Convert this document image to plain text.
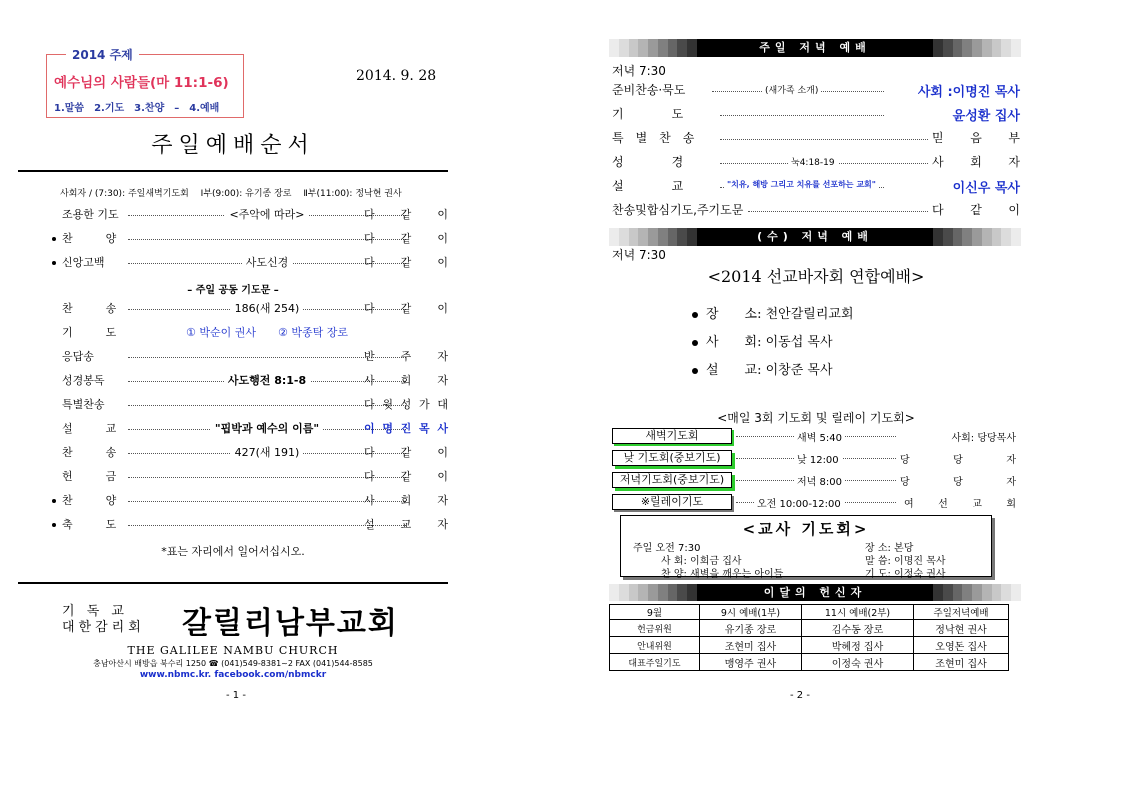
예수님의 사람들(마 11:1-6)
1.말씀　2.기도　3.찬양　–　4.예배
2014 주제
2014. 9. 28
주일예배순서
사회자 / (7:30): 주일새벽기도회　 Ⅰ부(9:00): 유기종 장로　 Ⅱ부(11:00): 정낙현 권사
조용한 기도	<주악에 따라>	다 같 이
찬　　　양	다 같 이
신앙고백	사도신경	다 같 이
찬　　　송	186(새 254)	다 같 이
기　　　도	① 박순이 권사　　② 박종탁 장로
응답송	반 주 자
성경봉독	사도행전 8:1-8	사 회 자
특별찬송	다 윗 성 가 대
설　　　교	"핍박과 예수의 이름"	이 명 진 목 사
찬　　　송	427(새 191)	다 같 이
헌　　　금	다 같 이
찬　　　양	사 회 자
축　　　도	설 교 자
– 주일 공동 기도문 –
*표는 자리에서 일어서십시오.
기 독 교
대한감리회 갈릴리남부교회
THE GALILEE NAMBU CHURCH
충남아산시 배방읍 북수리 1250 ☎ (041)549-8381~2 FAX (041)544-8585
www.nbmc.kr. facebook.com/nbmckr
- 1 -
주일 저녁 예배
저녁 7:30
준비찬송·묵도	(새가족 소개)	사회 :이명진 목사
기　　　　도	윤성환 집사
특　별　찬　송	믿 음 부
성　　　　경	눅4:18-19	사 회 자
설　　　　교	"치유, 해방 그리고 치유를 선포하는 교회"	이신우 목사
찬송및합심기도,주기도문	다 같 이
(수) 저녁 예배
저녁 7:30
<2014 선교바자회 연합예배>
장　　소: 천안갈릴리교회
사　　회: 이동섭 목사
설　　교: 이창준 목사
<매일 3회 기도회 및 릴레이 기도회>
새벽기도회	새벽 5:40	사회: 당당목사
낮 기도회(중보기도)	낮 12:00	당	당	자
저녁기도회(중보기도)	저녁 8:00	당	당	자
※릴레이기도	오전 10:00-12:00	여 선 교 회
<교사 기도회>
주일 오전 7:30	장 소: 본당
사 회: 이희금 집사	말 씀: 이명진 목사
찬 양: 새벽을 깨우는 아이들	기 도: 이정숙 권사
이달의 헌신자
9월	9시 예배(1부)	11시 예배(2부)	주일저녁예배
헌금위원	유기종 장로	김수동 장로	정낙현 권사
안내위원	조현미 집사	박혜정 집사	오영돈 집사
대표주일기도	맹영주 권사	이정숙 권사	조현미 집사
- 2 -
